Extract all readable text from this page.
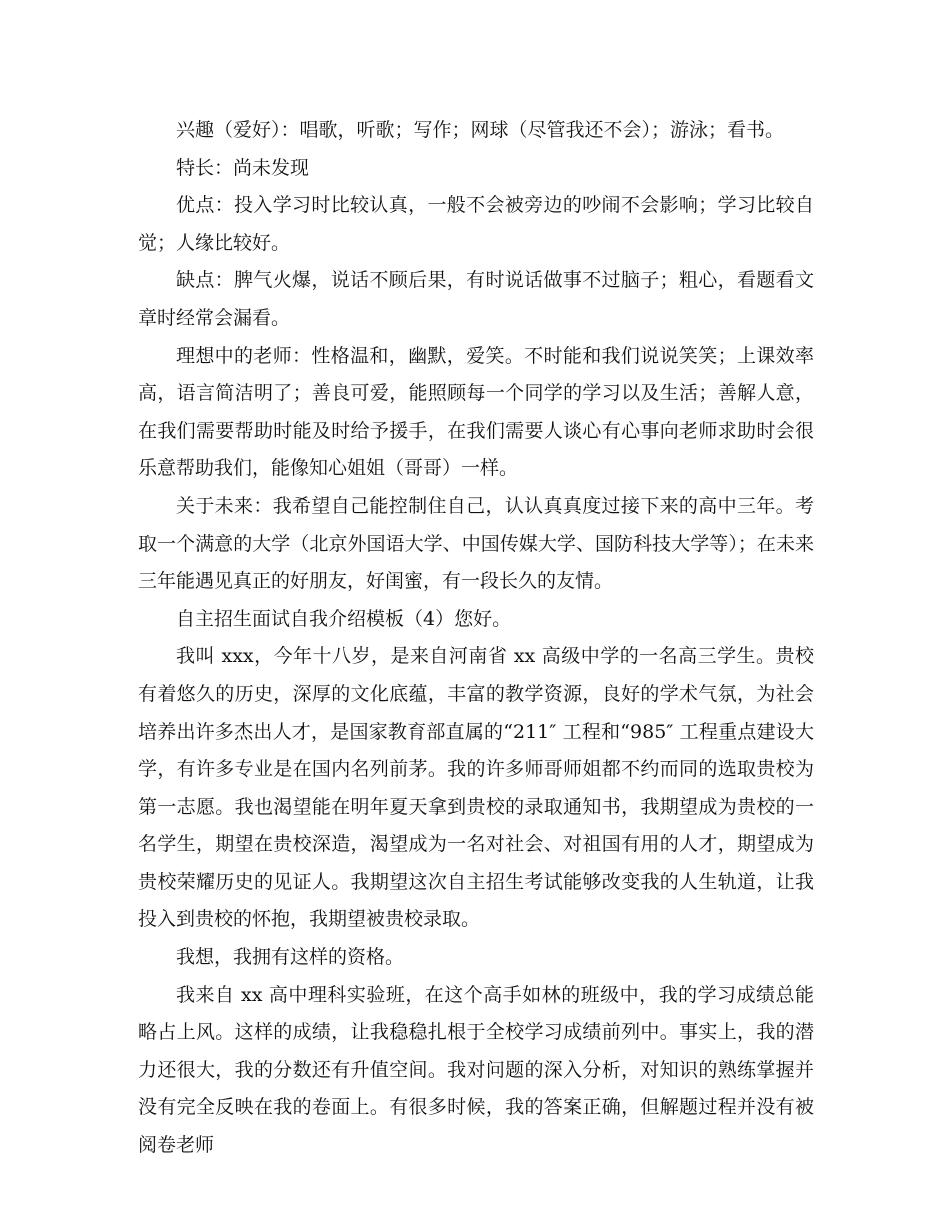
兴趣（爱好）：唱歌，听歌；写作；网球（尽管我还不会）；游泳；看书。

特长：尚未发现

优点：投入学习时比较认真，一般不会被旁边的吵闹不会影响；学习比较自觉；人缘比较好。

缺点：脾气火爆，说话不顾后果，有时说话做事不过脑子；粗心，看题看文章时经常会漏看。

理想中的老师：性格温和，幽默，爱笑。不时能和我们说说笑笑；上课效率高，语言简洁明了；善良可爱，能照顾每一个同学的学习以及生活；善解人意，在我们需要帮助时能及时给予援手，在我们需要人谈心有心事向老师求助时会很乐意帮助我们，能像知心姐姐（哥哥）一样。

关于未来：我希望自己能控制住自己，认认真真度过接下来的高中三年。考取一个满意的大学（北京外国语大学、中国传媒大学、国防科技大学等）；在未来三年能遇见真正的好朋友，好闺蜜，有一段长久的友情。

自主招生面试自我介绍模板（4）您好。

我叫 xxx，今年十八岁，是来自河南省 xx 高级中学的一名高三学生。贵校有着悠久的历史，深厚的文化底蕴，丰富的教学资源，良好的学术气氛，为社会培养出许多杰出人才，是国家教育部直属的“211″ 工程和“985″ 工程重点建设大学，有许多专业是在国内名列前茅。我的许多师哥师姐都不约而同的选取贵校为第一志愿。我也渴望能在明年夏天拿到贵校的录取通知书，我期望成为贵校的一名学生，期望在贵校深造，渴望成为一名对社会、对祖国有用的人才，期望成为贵校荣耀历史的见证人。我期望这次自主招生考试能够改变我的人生轨道，让我投入到贵校的怀抱，我期望被贵校录取。

我想，我拥有这样的资格。

我来自 xx 高中理科实验班，在这个高手如林的班级中，我的学习成绩总能略占上风。这样的成绩，让我稳稳扎根于全校学习成绩前列中。事实上，我的潜力还很大，我的分数还有升值空间。我对问题的深入分析，对知识的熟练掌握并没有完全反映在我的卷面上。有很多时候，我的答案正确，但解题过程并没有被阅卷老师
